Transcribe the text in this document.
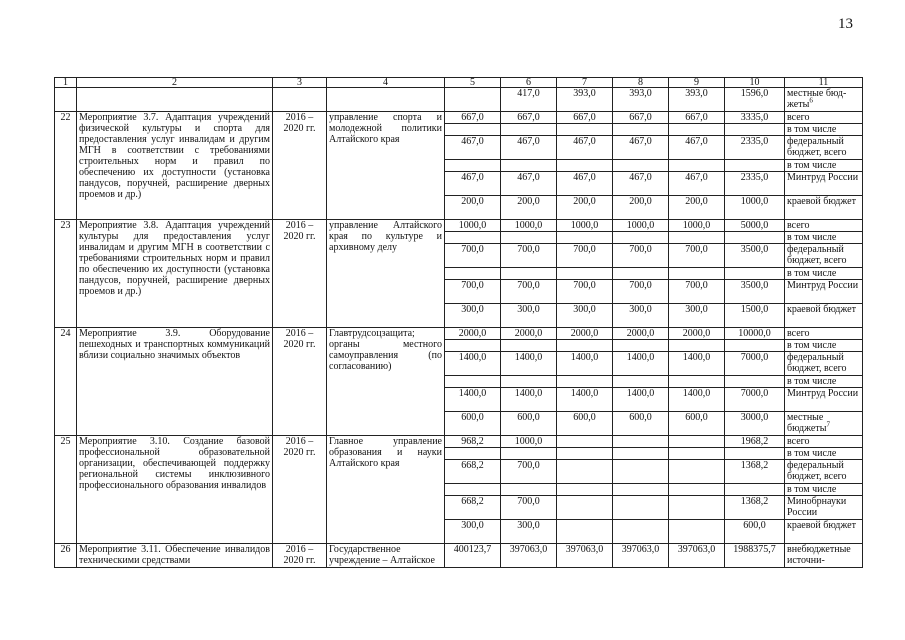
13
1	2	3	4	5	6	7	8	9	10	11
					417,0	393,0	393,0	393,0	1596,0	местные бюд-жеты$^6$
22	Мероприятие 3.7. Адаптация учреждений физической культуры и спорта для предоставления услуг инвалидам и другим МГН в соответствии с требованиями строительных норм и правил по обеспечению их доступности (установка пандусов, поручней, расширение дверных проемов и др.)	2016 – 2020 гг.	управление спорта и молодежной политики Алтайского края	667,0	667,0	667,0	667,0	667,0	3335,0	всего
										в том числе
				467,0	467,0	467,0	467,0	467,0	2335,0	федеральный бюджет, всего
										в том числе
				467,0	467,0	467,0	467,0	467,0	2335,0	Минтруд России
				200,0	200,0	200,0	200,0	200,0	1000,0	краевой бюджет
23	Мероприятие 3.8. Адаптация учреждений культуры для предоставления услуг инвалидам и другим МГН в соответствии с требованиями строительных норм и правил по обеспечению их доступности (установка пандусов, поручней, расширение дверных проемов и др.)	2016 – 2020 гг.	управление Алтайского края по культуре и архивному делу	1000,0	1000,0	1000,0	1000,0	1000,0	5000,0	всего
										в том числе
				700,0	700,0	700,0	700,0	700,0	3500,0	федеральный бюджет, всего
										в том числе
				700,0	700,0	700,0	700,0	700,0	3500,0	Минтруд России
				300,0	300,0	300,0	300,0	300,0	1500,0	краевой бюджет
24	Мероприятие 3.9. Оборудование пешеходных и транспортных коммуникаций вблизи социально значимых объектов	2016 – 2020 гг.	Главтрудсоцзащита; органы местного самоуправления (по согласованию)	2000,0	2000,0	2000,0	2000,0	2000,0	10000,0	всего
										в том числе
				1400,0	1400,0	1400,0	1400,0	1400,0	7000,0	федеральный бюджет, всего
										в том числе
				1400,0	1400,0	1400,0	1400,0	1400,0	7000,0	Минтруд России
				600,0	600,0	600,0	600,0	600,0	3000,0	местные бюджеты$^7$
25	Мероприятие 3.10. Создание базовой профессиональной образовательной организации, обеспечивающей поддержку региональной системы инклюзивного профессионального образования инвалидов	2016 – 2020 гг.	Главное управление образования и науки Алтайского края	968,2	1000,0				1968,2	всего
										в том числе
				668,2	700,0				1368,2	федеральный бюджет, всего
										в том числе
				668,2	700,0				1368,2	Минобрнауки России
				300,0	300,0				600,0	краевой бюджет
26	Мероприятие 3.11. Обеспечение инвалидов техническими средствами	2016 – 2020 гг.	Государственное учреждение – Алтайское	400123,7	397063,0	397063,0	397063,0	397063,0	1988375,7	внебюджетные источни-
